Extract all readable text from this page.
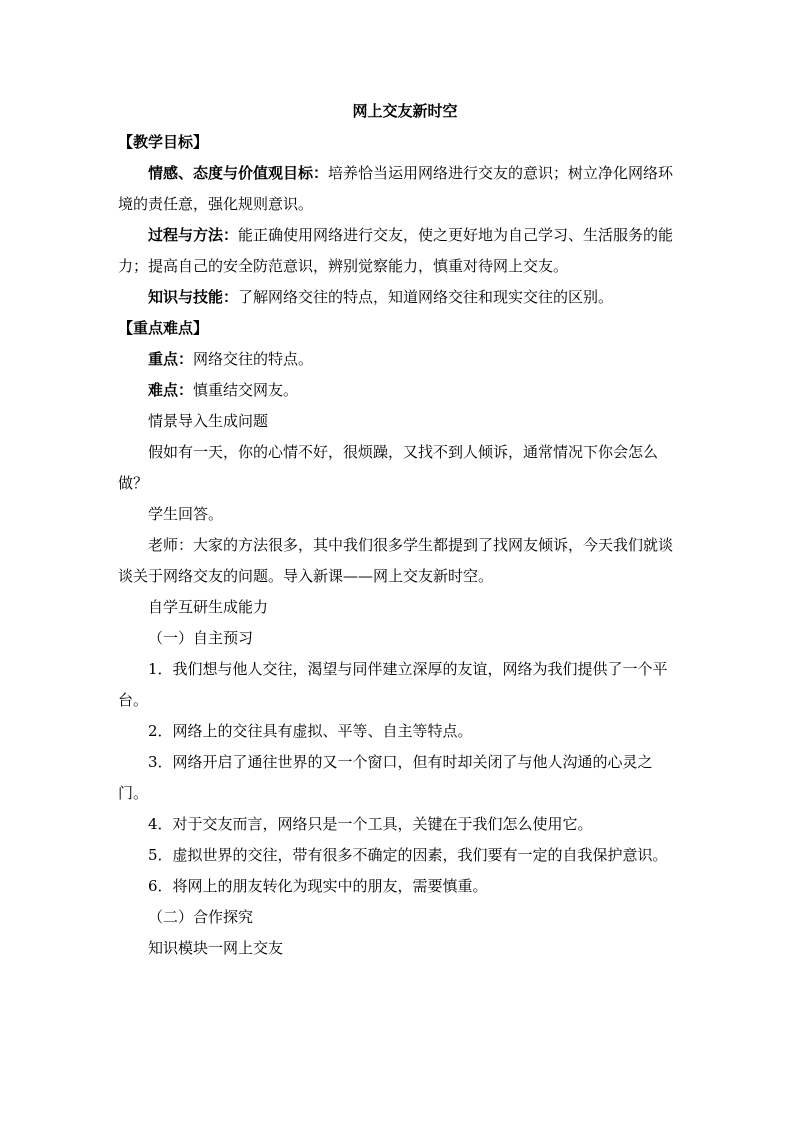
网上交友新时空

【教学目标】

情感、态度与价值观目标：培养恰当运用网络进行交友的意识；树立净化网络环境的责任意，强化规则意识。

过程与方法：能正确使用网络进行交友，使之更好地为自己学习、生活服务的能力；提高自己的安全防范意识，辨别觉察能力，慎重对待网上交友。

知识与技能：了解网络交往的特点，知道网络交往和现实交往的区别。

【重点难点】

重点：网络交往的特点。

难点：慎重结交网友。

情景导入生成问题

假如有一天，你的心情不好，很烦躁，又找不到人倾诉，通常情况下你会怎么做？

学生回答。

老师：大家的方法很多，其中我们很多学生都提到了找网友倾诉，今天我们就谈谈关于网络交友的问题。导入新课——网上交友新时空。

自学互研生成能力

（一）自主预习

1．我们想与他人交往，渴望与同伴建立深厚的友谊，网络为我们提供了一个平台。

2．网络上的交往具有虚拟、平等、自主等特点。

3．网络开启了通往世界的又一个窗口，但有时却关闭了与他人沟通的心灵之门。

4．对于交友而言，网络只是一个工具，关键在于我们怎么使用它。

5．虚拟世界的交往，带有很多不确定的因素，我们要有一定的自我保护意识。

6．将网上的朋友转化为现实中的朋友，需要慎重。

（二）合作探究

知识模块一网上交友
